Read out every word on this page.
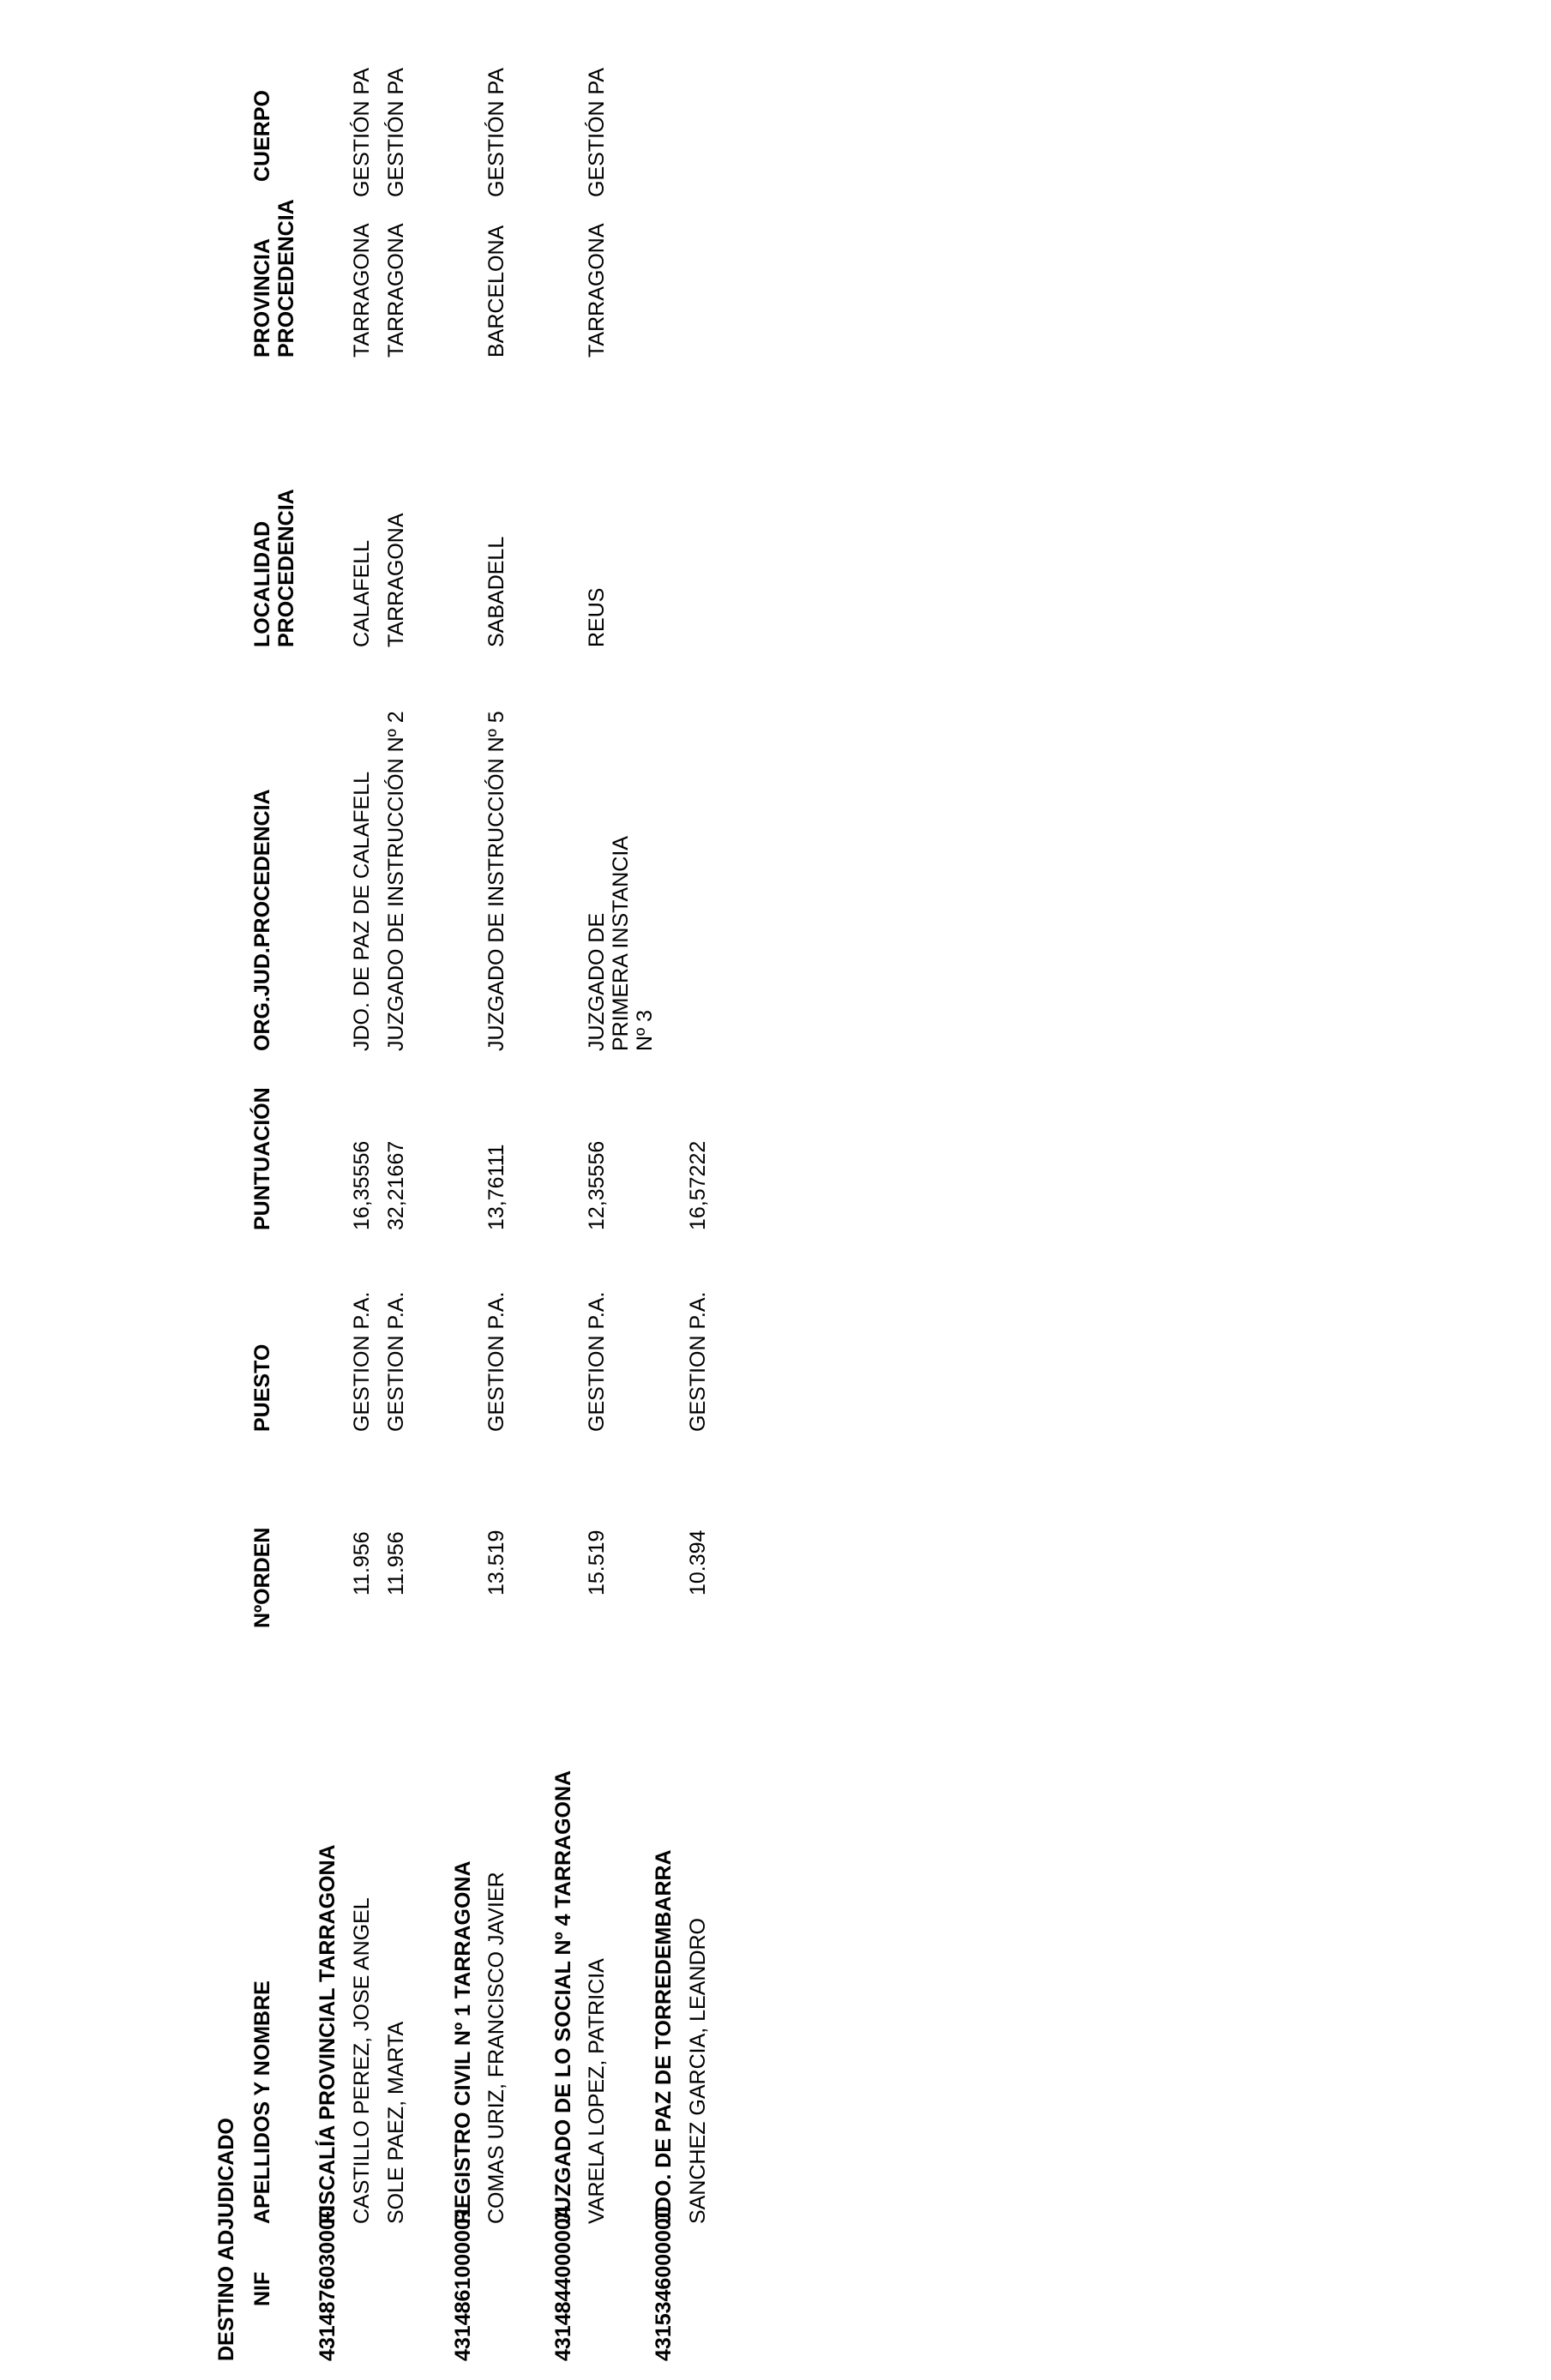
DESTINO ADJUDICADO NIF
APELLIDOS Y NOMBRE
NºORDEN
PUESTO
PUNTUACIÓN
ORG.JUD.PROCEDENCIA
LOCALIDAD PROCEDENCIA
PROVINCIA PROCEDENCIA
CUERPO
4314876030000
FISCALÍA PROVINCIAL TARRAGONA CASTILLO PEREZ, JOSE ANGEL
11.956
GESTION P.A.
16,35556
JDO. DE PAZ DE CALAFELL
CALAFELL
TARRAGONA
GESTIÓN PA
SOLE PAEZ, MARTA
11.956
GESTION P.A.
32,21667
JUZGADO DE INSTRUCCIÓN Nº 2
TARRAGONA
TARRAGONA
GESTIÓN PA
4314861000001
REGISTRO CIVIL Nº 1 TARRAGONA COMAS URIZ, FRANCISCO JAVIER
13.519
GESTION P.A.
13,76111
JUZGADO DE INSTRUCCIÓN Nº 5
SABADELL
BARCELONA
GESTIÓN PA
4314844000004
JUZGADO DE LO SOCIAL Nº 4 TARRAGONA VARELA LOPEZ, PATRICIA
15.519
GESTION P.A.
12,35556
JUZGADO DE PRIMERA INSTANCIA Nº 3
REUS
TARRAGONA
GESTIÓN PA
4315346000000
JDO. DE PAZ DE TORREDEMBARRA SANCHEZ GARCIA, LEANDRO
10.394
GESTION P.A.
16,57222
